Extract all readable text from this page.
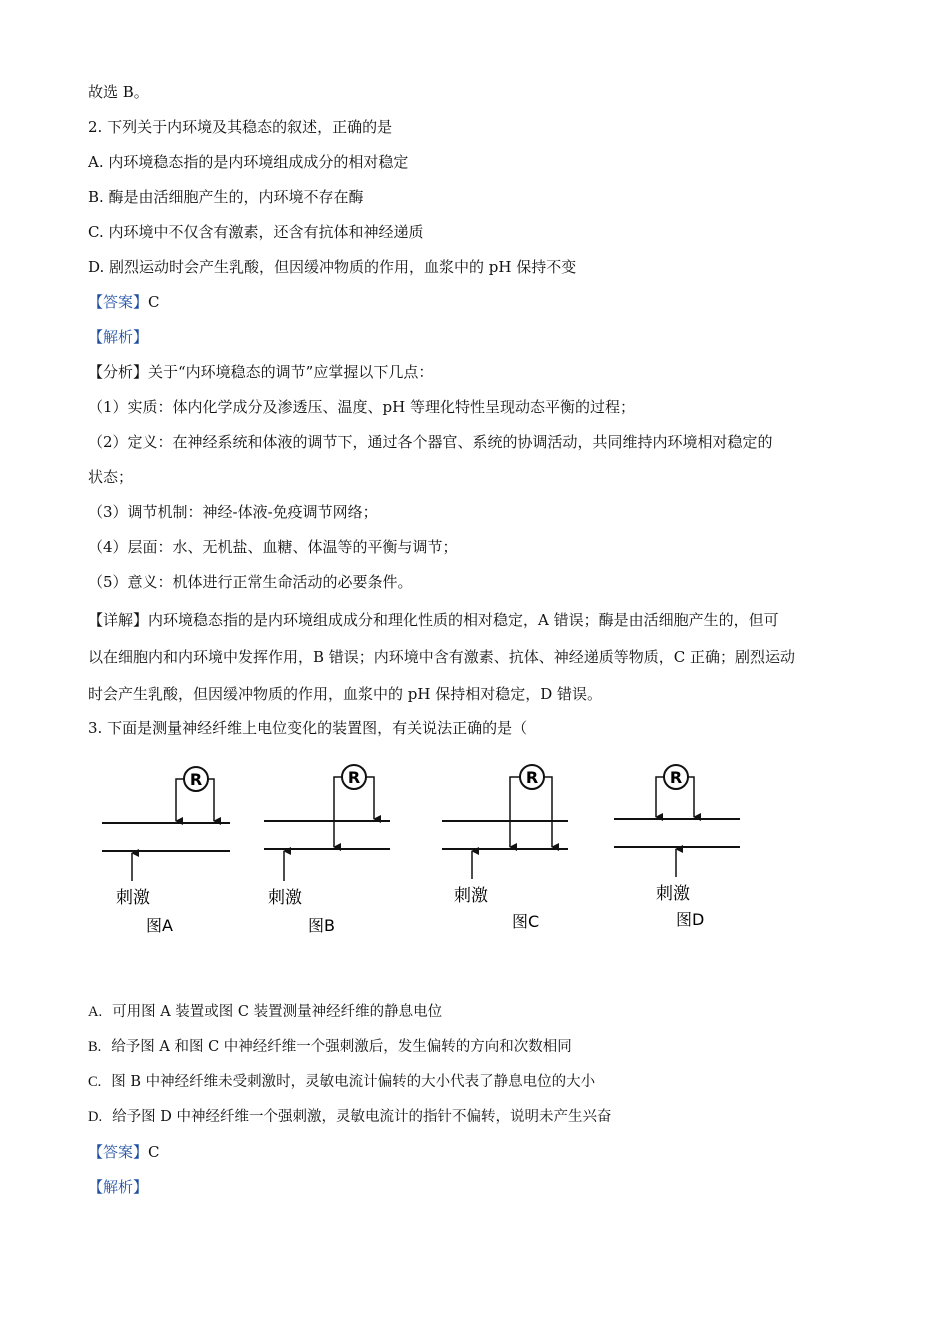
故选 B。
2. 下列关于内环境及其稳态的叙述，正确的是
A. 内环境稳态指的是内环境组成成分的相对稳定
B. 酶是由活细胞产生的，内环境不存在酶
C. 内环境中不仅含有激素，还含有抗体和神经递质
D. 剧烈运动时会产生乳酸，但因缓冲物质的作用，血浆中的 pH 保持不变
【答案】C
【解析】
【分析】关于“内环境稳态的调节”应掌握以下几点：
（1）实质：体内化学成分及渗透压、温度、pH 等理化特性呈现动态平衡的过程；
（2）定义：在神经系统和体液的调节下，通过各个器官、系统的协调活动，共同维持内环境相对稳定的
状态；
（3）调节机制：神经-体液-免疫调节网络；
（4）层面：水、无机盐、血糖、体温等的平衡与调节；
（5）意义：机体进行正常生命活动的必要条件。
【详解】内环境稳态指的是内环境组成成分和理化性质的相对稳定，A 错误；酶是由活细胞产生的，但可
以在细胞内和内环境中发挥作用，B 错误；内环境中含有激素、抗体、神经递质等物质，C 正确；剧烈运动
时会产生乳酸，但因缓冲物质的作用，血浆中的 pH 保持相对稳定，D 错误。
3. 下面是测量神经纤维上电位变化的装置图，有关说法正确的是（
R
刺激
图A
R
刺激
图B
R
刺激
图C
R
刺激
图D
A. 可用图 A 装置或图 C 装置测量神经纤维的静息电位
B. 给予图 A 和图 C 中神经纤维一个强刺激后，发生偏转的方向和次数相同
C. 图 B 中神经纤维未受刺激时，灵敏电流计偏转的大小代表了静息电位的大小
D. 给予图 D 中神经纤维一个强刺激，灵敏电流计的指针不偏转，说明未产生兴奋
【答案】C
【解析】
